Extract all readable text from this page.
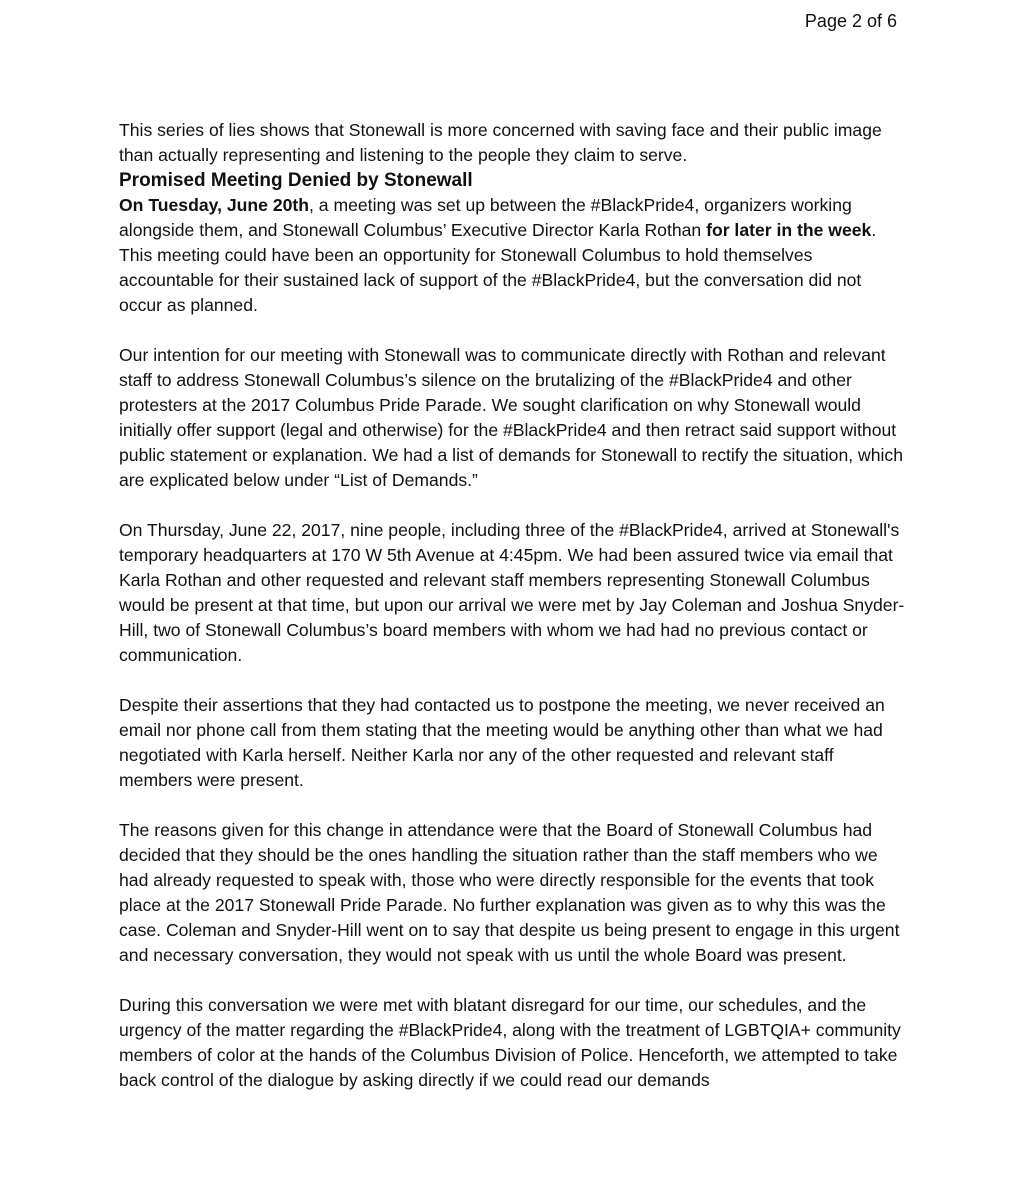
Page 2 of 6

This series of lies shows that Stonewall is more concerned with saving face and their public image than actually representing and listening to the people they claim to serve.

Promised Meeting Denied by Stonewall

On Tuesday, June 20th, a meeting was set up between the #BlackPride4, organizers working alongside them, and Stonewall Columbus’ Executive Director Karla Rothan for later in the week. This meeting could have been an opportunity for Stonewall Columbus to hold themselves accountable for their sustained lack of support of the #BlackPride4, but the conversation did not occur as planned.

Our intention for our meeting with Stonewall was to communicate directly with Rothan and relevant staff to address Stonewall Columbus’s silence on the brutalizing of the #BlackPride4 and other protesters at the 2017 Columbus Pride Parade. We sought clarification on why Stonewall would initially offer support (legal and otherwise) for the #BlackPride4 and then retract said support without public statement or explanation. We had a list of demands for Stonewall to rectify the situation, which are explicated below under “List of Demands.”

On Thursday, June 22, 2017, nine people, including three of the #BlackPride4, arrived at Stonewall's temporary headquarters at 170 W 5th Avenue at 4:45pm. We had been assured twice via email that Karla Rothan and other requested and relevant staff members representing Stonewall Columbus would be present at that time, but upon our arrival we were met by Jay Coleman and Joshua Snyder-Hill, two of Stonewall Columbus’s board members with whom we had had no previous contact or communication.

Despite their assertions that they had contacted us to postpone the meeting, we never received an email nor phone call from them stating that the meeting would be anything other than what we had negotiated with Karla herself. Neither Karla nor any of the other requested and relevant staff members were present.

The reasons given for this change in attendance were that the Board of Stonewall Columbus had decided that they should be the ones handling the situation rather than the staff members who we had already requested to speak with, those who were directly responsible for the events that took place at the 2017 Stonewall Pride Parade. No further explanation was given as to why this was the case. Coleman and Snyder-Hill went on to say that despite us being present to engage in this urgent and necessary conversation, they would not speak with us until the whole Board was present.

During this conversation we were met with blatant disregard for our time, our schedules, and the urgency of the matter regarding the #BlackPride4, along with the treatment of LGBTQIA+ community members of color at the hands of the Columbus Division of Police. Henceforth, we attempted to take back control of the dialogue by asking directly if we could read our demands
